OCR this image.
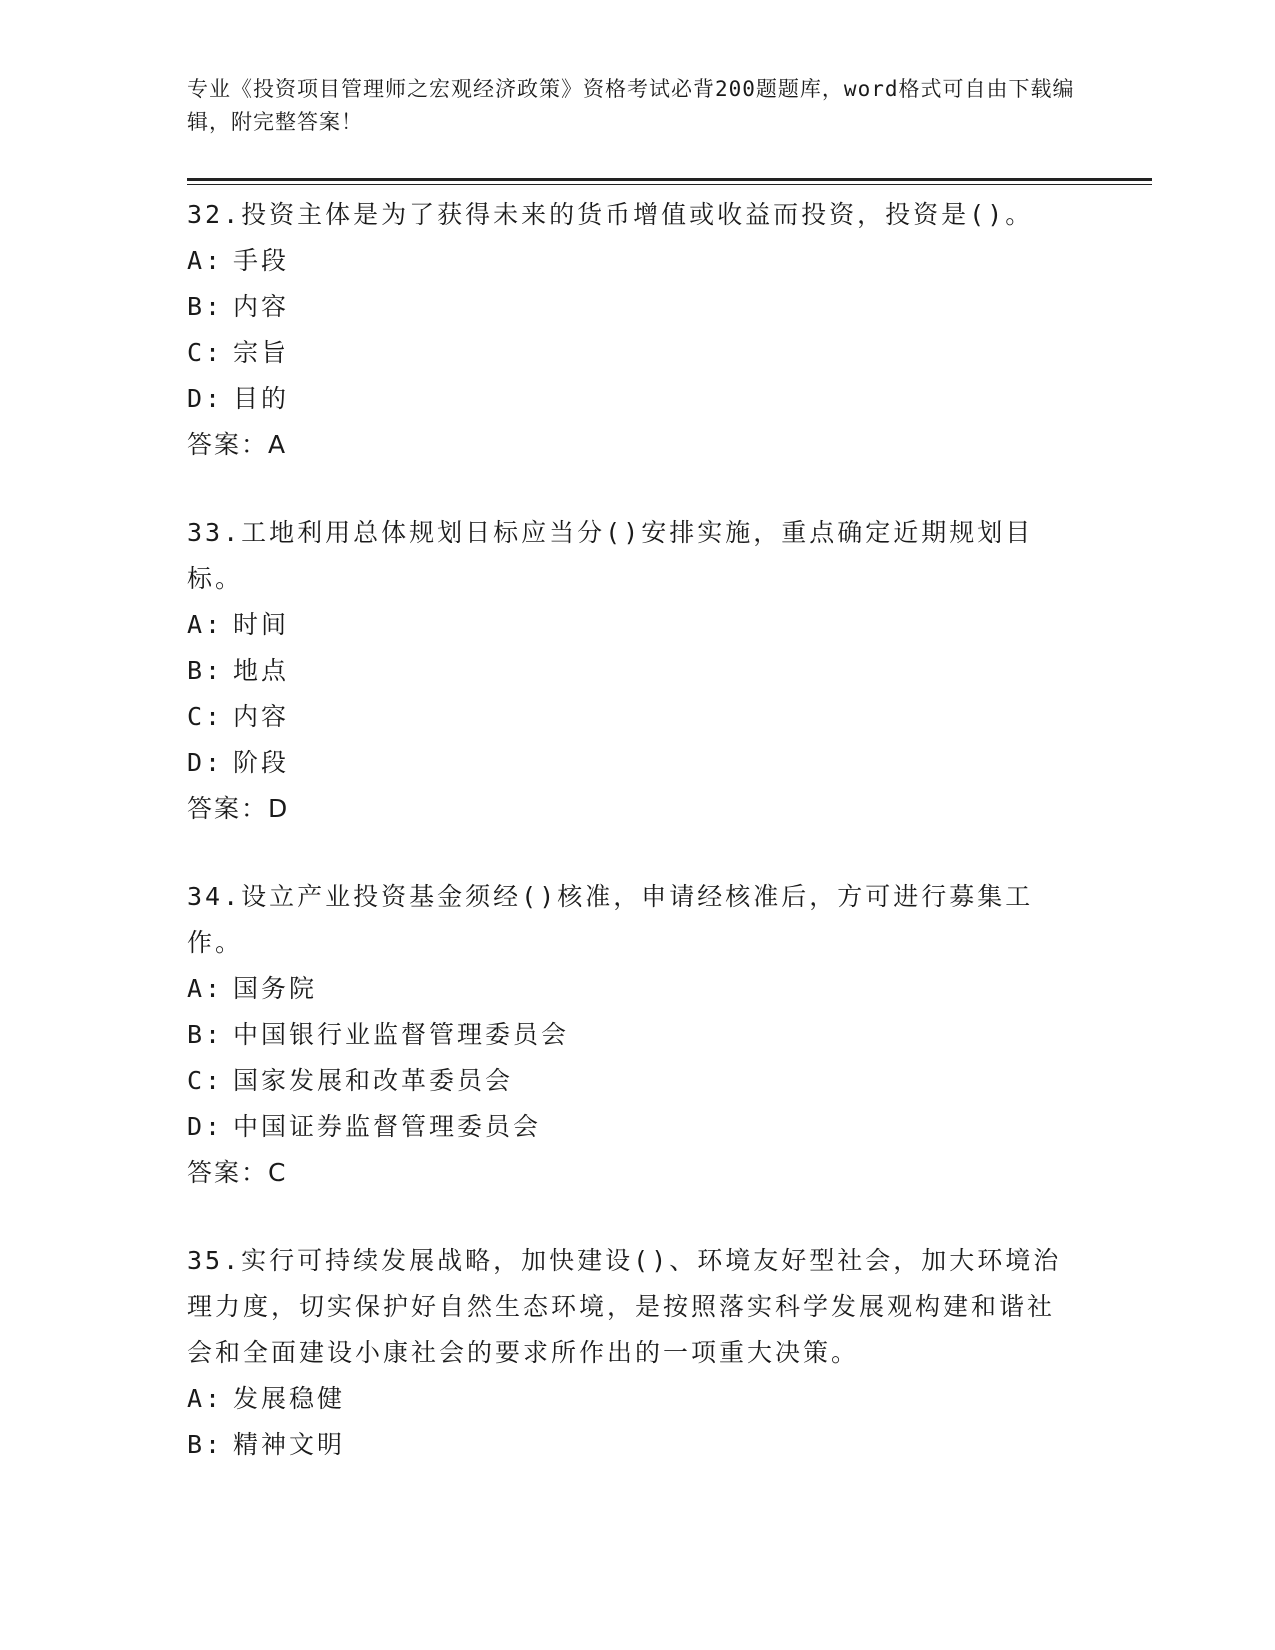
专业《投资项目管理师之宏观经济政策》资格考试必背200题题库，word格式可自由下载编辑，附完整答案！

32.投资主体是为了获得未来的货币增值或收益而投资，投资是()。

A: 手段

B: 内容

C: 宗旨

D: 目的

答案：A

33.工地利用总体规划日标应当分()安排实施，重点确定近期规划目标。

A: 时间

B: 地点

C: 内容

D: 阶段

答案：D

34.设立产业投资基金须经()核准，申请经核准后，方可进行募集工作。

A: 国务院

B: 中国银行业监督管理委员会

C: 国家发展和改革委员会

D: 中国证券监督管理委员会

答案：C

35.实行可持续发展战略，加快建设()、环境友好型社会，加大环境治理力度，切实保护好自然生态环境，是按照落实科学发展观构建和谐社会和全面建设小康社会的要求所作出的一项重大决策。

A: 发展稳健

B: 精神文明
